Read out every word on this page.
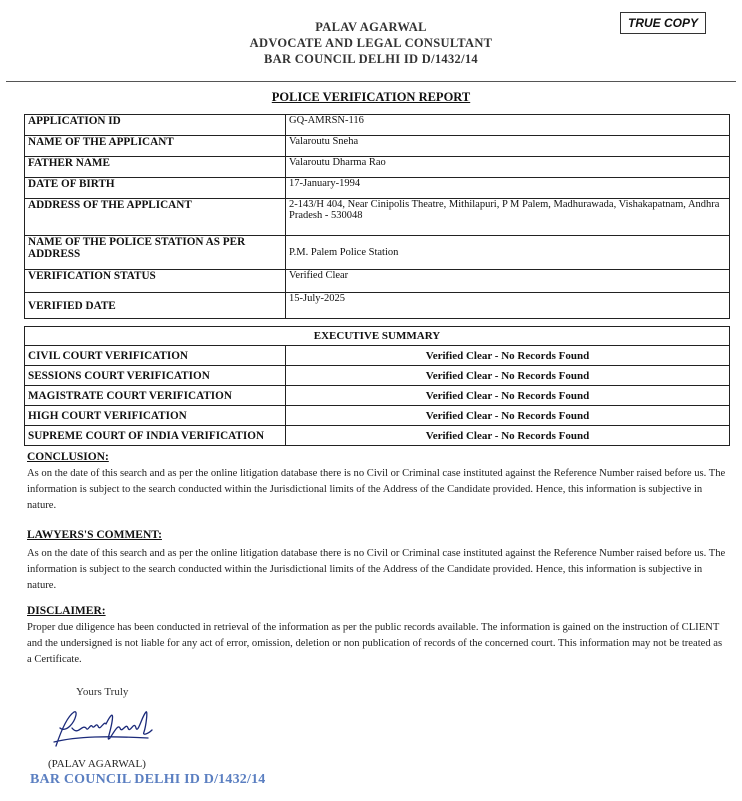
PALAV AGARWAL
ADVOCATE AND LEGAL CONSULTANT
BAR COUNCIL DELHI ID D/1432/14
TRUE COPY
POLICE VERIFICATION REPORT
APPLICATION ID	GQ-AMRSN-116
NAME OF THE APPLICANT	Valaroutu Sneha
FATHER NAME	Valaroutu Dharma Rao
DATE OF BIRTH	17-January-1994
ADDRESS OF THE APPLICANT	2-143/H 404, Near Cinipolis Theatre, Mithilapuri, P M Palem, Madhurawada, Vishakapatnam, Andhra Pradesh - 530048
NAME OF THE POLICE STATION AS PER ADDRESS	P.M. Palem Police Station
VERIFICATION STATUS	Verified Clear
VERIFIED DATE	15-July-2025
EXECUTIVE SUMMARY	
CIVIL COURT VERIFICATION	Verified Clear - No Records Found
SESSIONS COURT VERIFICATION	Verified Clear - No Records Found
MAGISTRATE COURT VERIFICATION	Verified Clear - No Records Found
HIGH COURT VERIFICATION	Verified Clear - No Records Found
SUPREME COURT OF INDIA VERIFICATION	Verified Clear - No Records Found
CONCLUSION:
As on the date of this search and as per the online litigation database there is no Civil or Criminal case instituted against the Reference Number raised before us. The information is subject to the search conducted within the Jurisdictional limits of the Address of the Candidate provided. Hence, this information is subjective in nature.
LAWYERS'S COMMENT:
As on the date of this search and as per the online litigation database there is no Civil or Criminal case instituted against the Reference Number raised before us. The information is subject to the search conducted within the Jurisdictional limits of the Address of the Candidate provided. Hence, this information is subjective in nature.
DISCLAIMER:
Proper due diligence has been conducted in retrieval of the information as per the public records available. The information is gained on the instruction of CLIENT and the undersigned is not liable for any act of error, omission, deletion or non publication of records of the concerned court. This information may not be treated as a Certificate.
Yours Truly
(PALAV AGARWAL)
BAR COUNCIL DELHI ID D/1432/14
